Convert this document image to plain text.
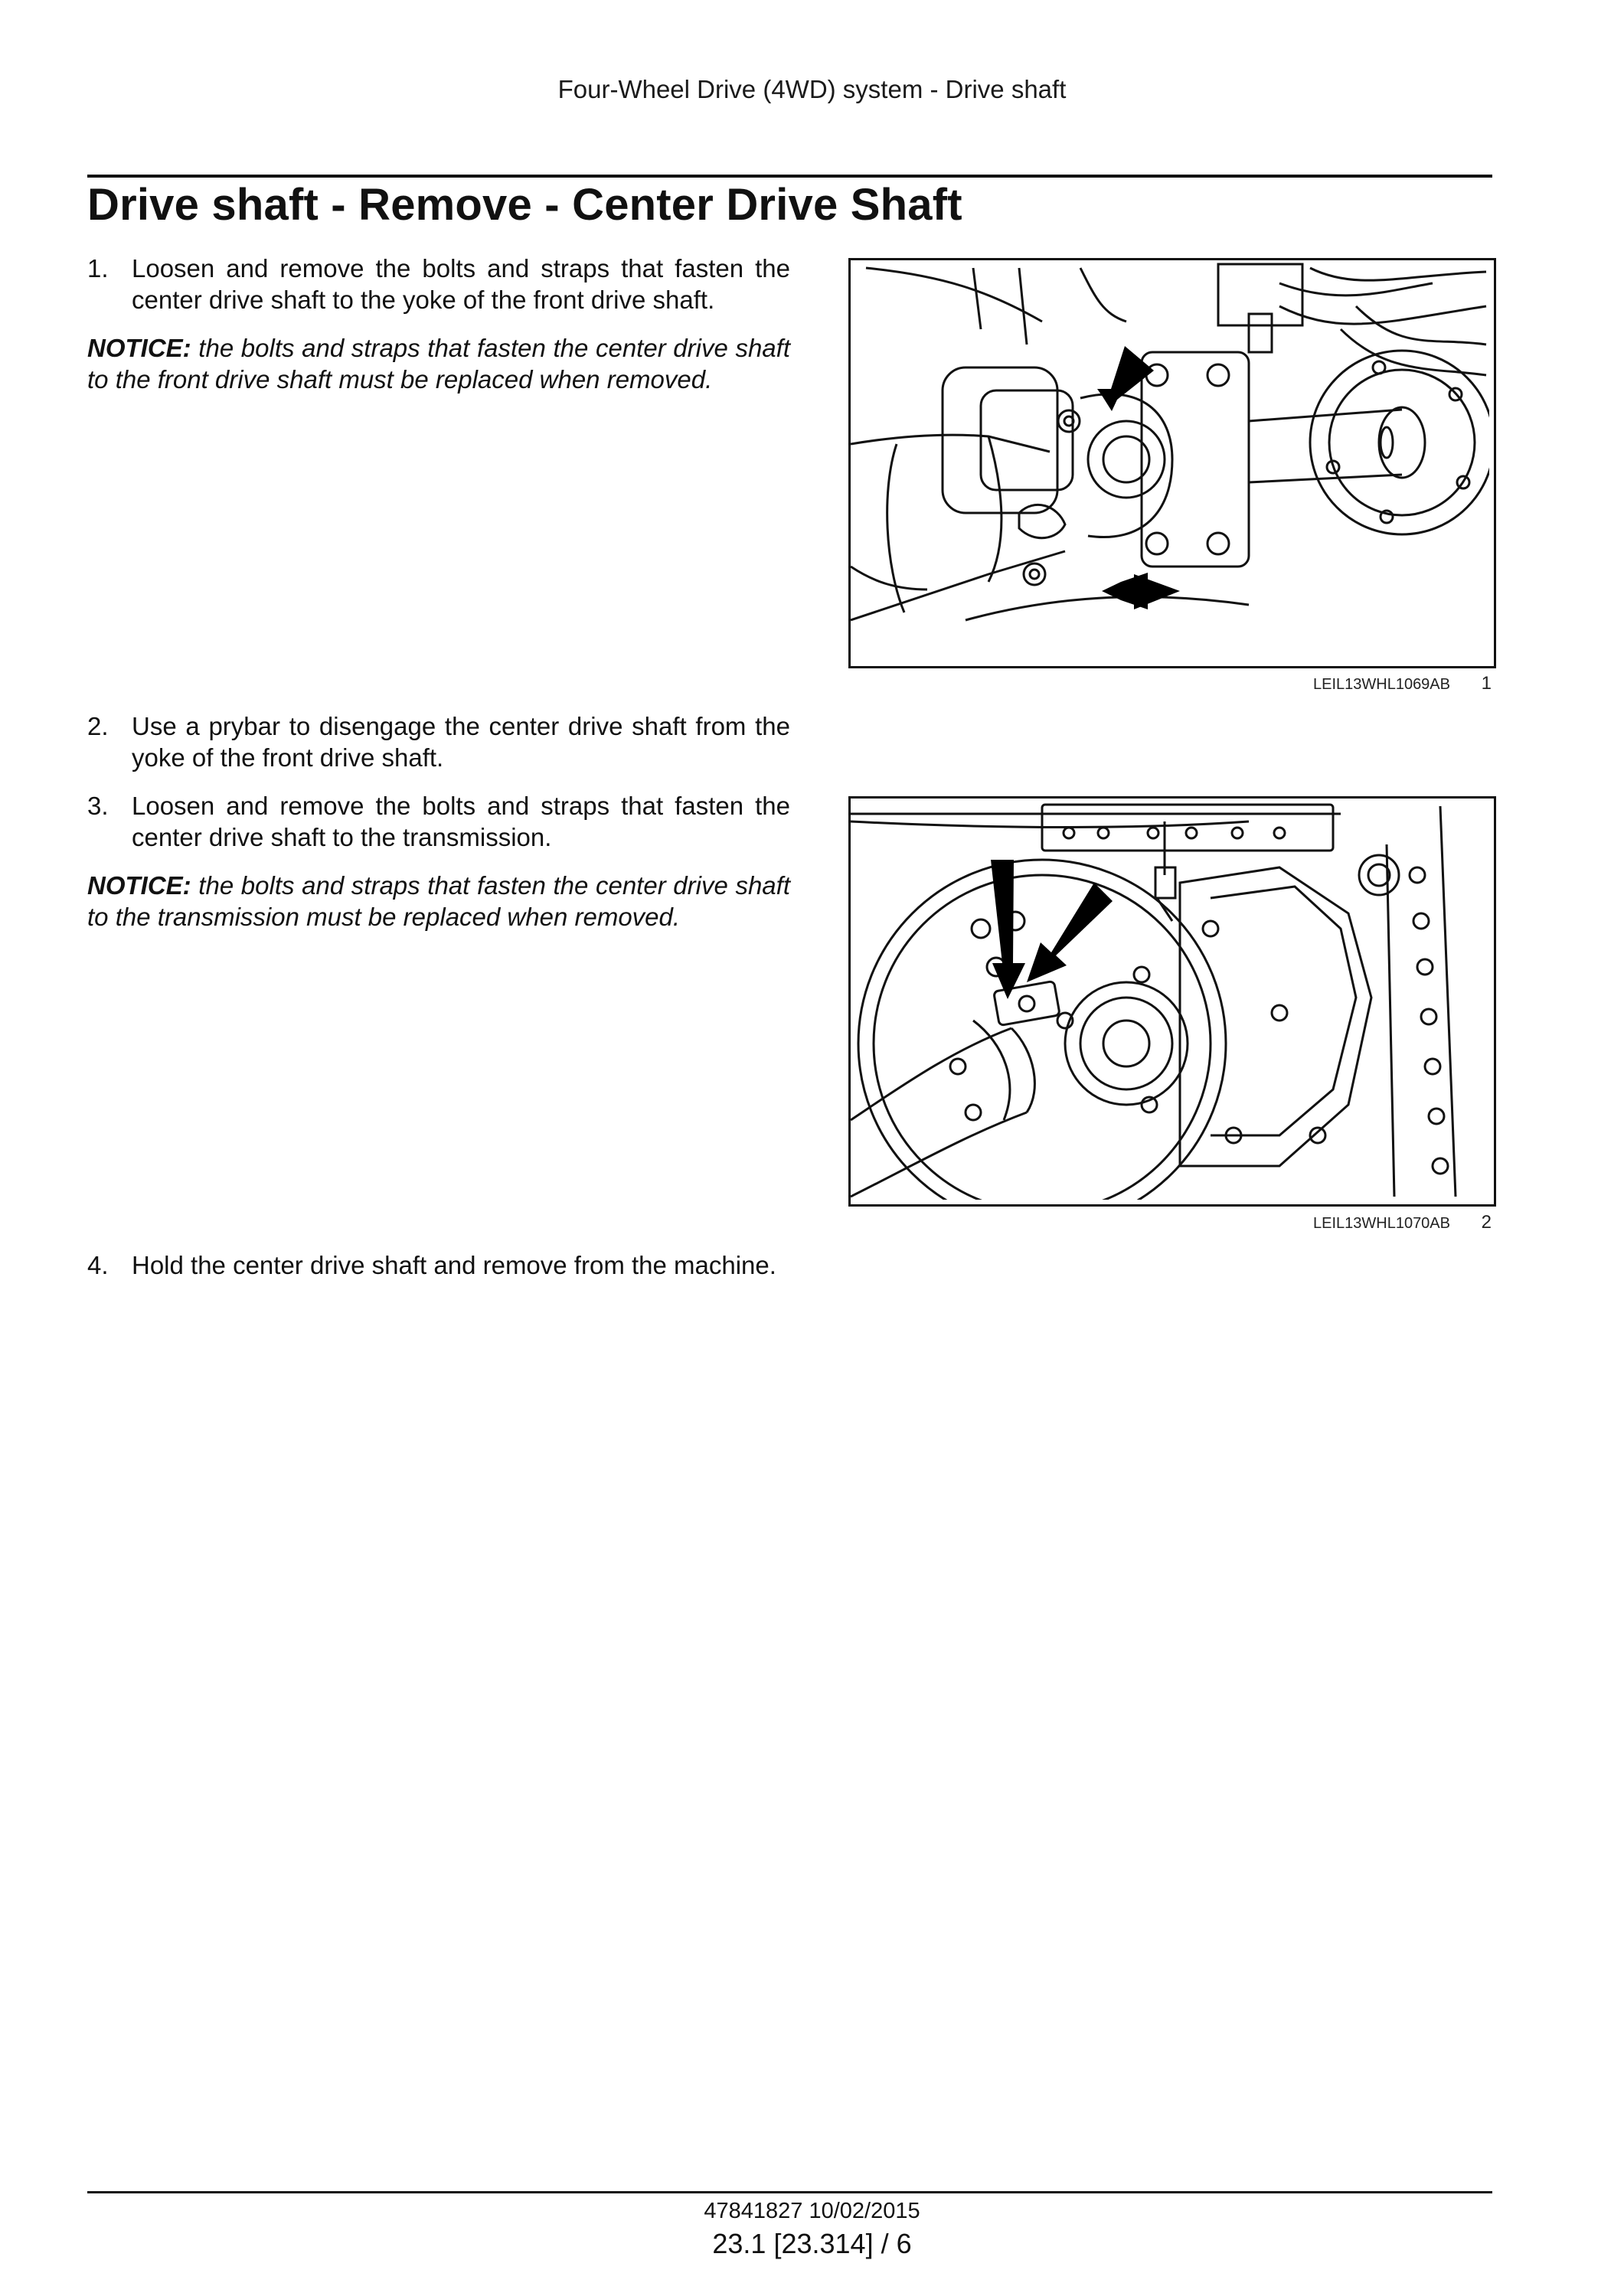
Four-Wheel Drive (4WD) system - Drive shaft
Drive shaft - Remove - Center Drive Shaft
1. Loosen and remove the bolts and straps that fasten the center drive shaft to the yoke of the front drive shaft.
NOTICE: the bolts and straps that fasten the center drive shaft to the front drive shaft must be replaced when removed.
LEIL13WHL1069AB 1
2. Use a prybar to disengage the center drive shaft from the yoke of the front drive shaft.
3. Loosen and remove the bolts and straps that fasten the center drive shaft to the transmission.
NOTICE: the bolts and straps that fasten the center drive shaft to the transmission must be replaced when removed.
LEIL13WHL1070AB 2
4. Hold the center drive shaft and remove from the machine.
47841827 10/02/2015
23.1 [23.314] / 6
